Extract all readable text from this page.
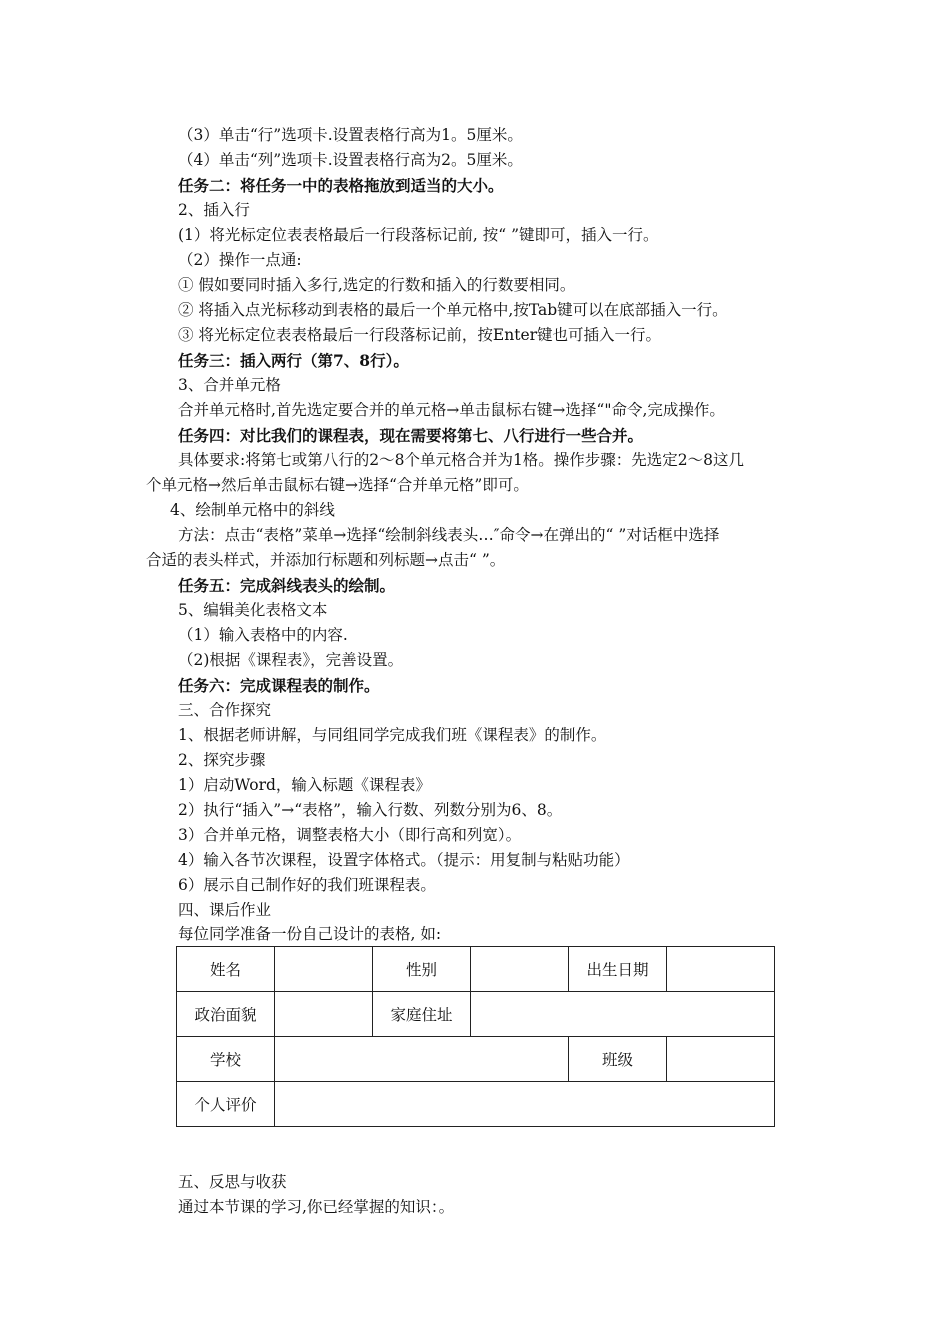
（3）单击“行”选项卡.设置表格行高为1。5厘米。
（4）单击“列”选项卡.设置表格行高为2。5厘米。
任务二：将任务一中的表格拖放到适当的大小。
2、插入行
(1）将光标定位表表格最后一行段落标记前, 按“ ”键即可，插入一行。
（2）操作一点通:
① 假如要同时插入多行,选定的行数和插入的行数要相同。
② 将插入点光标移动到表格的最后一个单元格中,按Tab键可以在底部插入一行。
③ 将光标定位表表格最后一行段落标记前，按Enter键也可插入一行。
任务三：插入两行（第7、8行）。
3、合并单元格
合并单元格时,首先选定要合并的单元格→单击鼠标右键→选择“"命令,完成操作。
任务四：对比我们的课程表，现在需要将第七、八行进行一些合并。
具体要求:将第七或第八行的2～8个单元格合并为1格。操作步骤：先选定2～8这几
个单元格→然后单击鼠标右键→选择“合并单元格”即可。
4、绘制单元格中的斜线
方法：点击“表格”菜单→选择“绘制斜线表头…″命令→在弹出的“ ”对话框中选择
合适的表头样式，并添加行标题和列标题→点击“ ”。
任务五：完成斜线表头的绘制。
5、编辑美化表格文本
（1）输入表格中的内容.
（2)根据《课程表》，完善设置。
任务六：完成课程表的制作。
三、合作探究
1、根据老师讲解，与同组同学完成我们班《课程表》的制作。
2、探究步骤
1）启动Word，输入标题《课程表》
2）执行“插入”→“表格”，输入行数、列数分别为6、8。
3）合并单元格，调整表格大小（即行高和列宽）。
4）输入各节次课程，设置字体格式。（提示：用复制与粘贴功能）
6）展示自己制作好的我们班课程表。
四、课后作业
每位同学准备一份自己设计的表格, 如:
姓名		性别		出生日期	
政治面貌		家庭住址			
学校				班级	
个人评价					
五、反思与收获
通过本节课的学习,你已经掌握的知识：。
